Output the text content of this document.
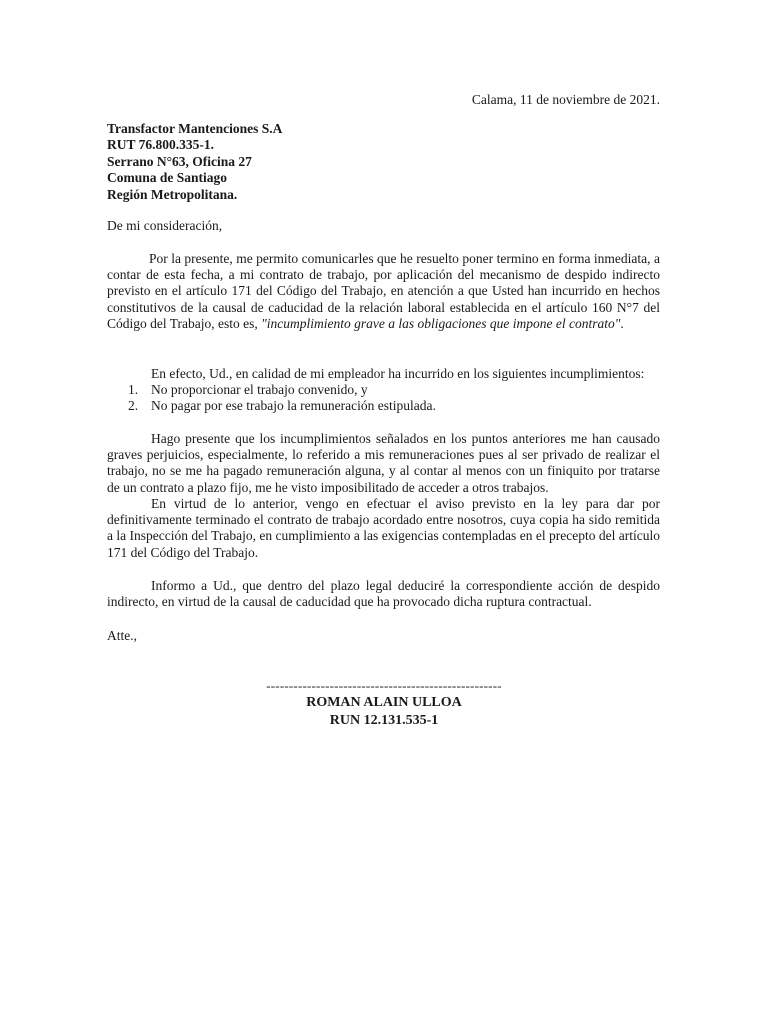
Calama, 11 de noviembre de 2021.
Transfactor Mantenciones S.A
RUT 76.800.335-1.
Serrano N°63, Oficina 27
Comuna de Santiago
Región Metropolitana.
De mi consideración,
Por la presente, me permito comunicarles que he resuelto poner termino en forma inmediata, a contar de esta fecha, a mi contrato de trabajo, por aplicación del mecanismo de despido indirecto previsto en el artículo 171 del Código del Trabajo, en atención a que Usted han incurrido en hechos constitutivos de la causal de caducidad de la relación laboral establecida en el artículo 160 N°7 del Código del Trabajo, esto es, "incumplimiento grave a las obligaciones que impone el contrato".
En efecto, Ud., en calidad de mi empleador ha incurrido en los siguientes incumplimientos:
1. No proporcionar el trabajo convenido, y
2. No pagar por ese trabajo la remuneración estipulada.
Hago presente que los incumplimientos señalados en los puntos anteriores me han causado graves perjuicios, especialmente, lo referido a mis remuneraciones pues al ser privado de realizar el trabajo, no se me ha pagado remuneración alguna, y al contar al menos con un finiquito por tratarse de un contrato a plazo fijo, me he visto imposibilitado de acceder a otros trabajos.
En virtud de lo anterior, vengo en efectuar el aviso previsto en la ley para dar por definitivamente terminado el contrato de trabajo acordado entre nosotros, cuya copia ha sido remitida a la Inspección del Trabajo, en cumplimiento a las exigencias contempladas en el precepto del artículo 171 del Código del Trabajo.
Informo a Ud., que dentro del plazo legal deduciré la correspondiente acción de despido indirecto, en virtud de la causal de caducidad que ha provocado dicha ruptura contractual.
Atte.,
----------------------------------------------------
ROMAN ALAIN ULLOA
RUN 12.131.535-1
